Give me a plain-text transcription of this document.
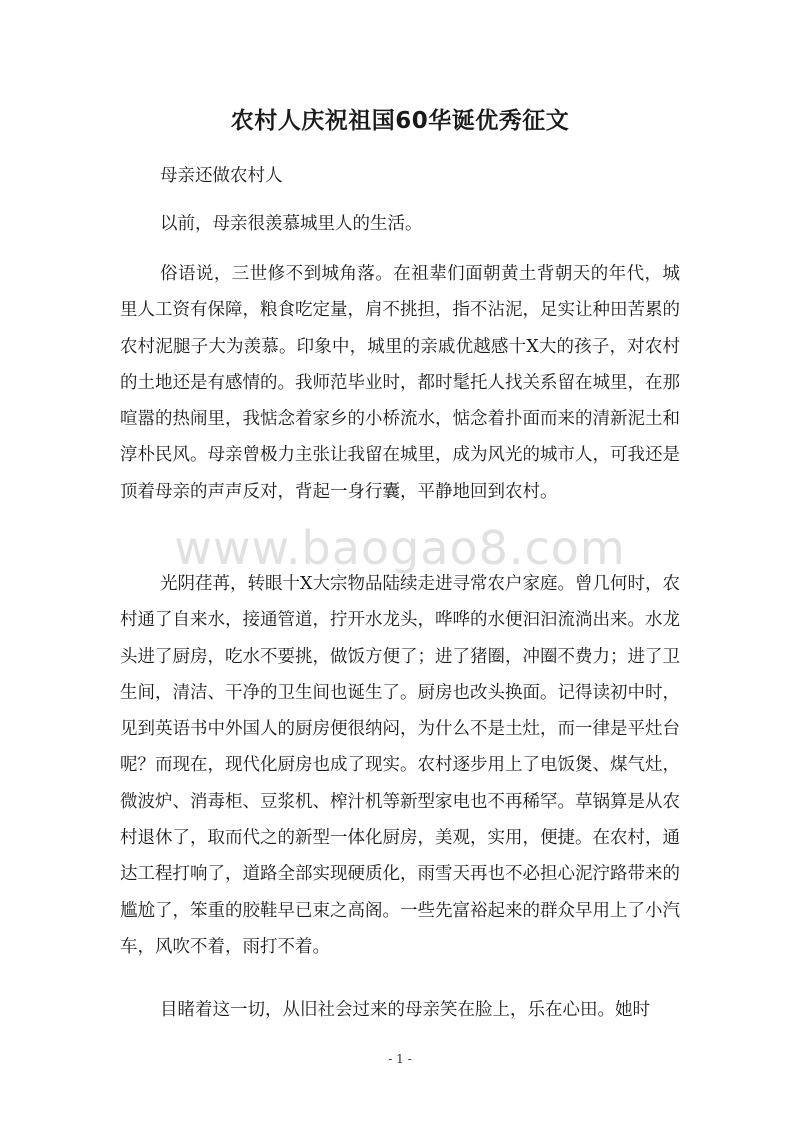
农村人庆祝祖国60华诞优秀征文

母亲还做农村人

以前，母亲很羡慕城里人的生活。

俗语说，三世修不到城角落。在祖辈们面朝黄土背朝天的年代，城里人工资有保障，粮食吃定量，肩不挑担，指不沾泥，足实让种田苦累的农村泥腿子大为羡慕。印象中，城里的亲戚优越感十X大的孩子，对农村的土地还是有感情的。我师范毕业时，都时髦托人找关系留在城里，在那喧嚣的热闹里，我惦念着家乡的小桥流水，惦念着扑面而来的清新泥土和淳朴民风。母亲曾极力主张让我留在城里，成为风光的城市人，可我还是顶着母亲的声声反对，背起一身行囊，平静地回到农村。

光阴荏苒，转眼十X大宗物品陆续走进寻常农户家庭。曾几何时，农村通了自来水，接通管道，拧开水龙头，哗哗的水便汩汩流淌出来。水龙头进了厨房，吃水不要挑，做饭方便了；进了猪圈，冲圈不费力；进了卫生间，清洁、干净的卫生间也诞生了。厨房也改头换面。记得读初中时，见到英语书中外国人的厨房便很纳闷，为什么不是土灶，而一律是平灶台呢？而现在，现代化厨房也成了现实。农村逐步用上了电饭煲、煤气灶，微波炉、消毒柜、豆浆机、榨汁机等新型家电也不再稀罕。草锅算是从农村退休了，取而代之的新型一体化厨房，美观，实用，便捷。在农村，通达工程打响了，道路全部实现硬质化，雨雪天再也不必担心泥泞路带来的尴尬了，笨重的胶鞋早已束之高阁。一些先富裕起来的群众早用上了小汽车，风吹不着，雨打不着。

目睹着这一切，从旧社会过来的母亲笑在脸上，乐在心田。她时

www.baogao8.com
- 1 -
